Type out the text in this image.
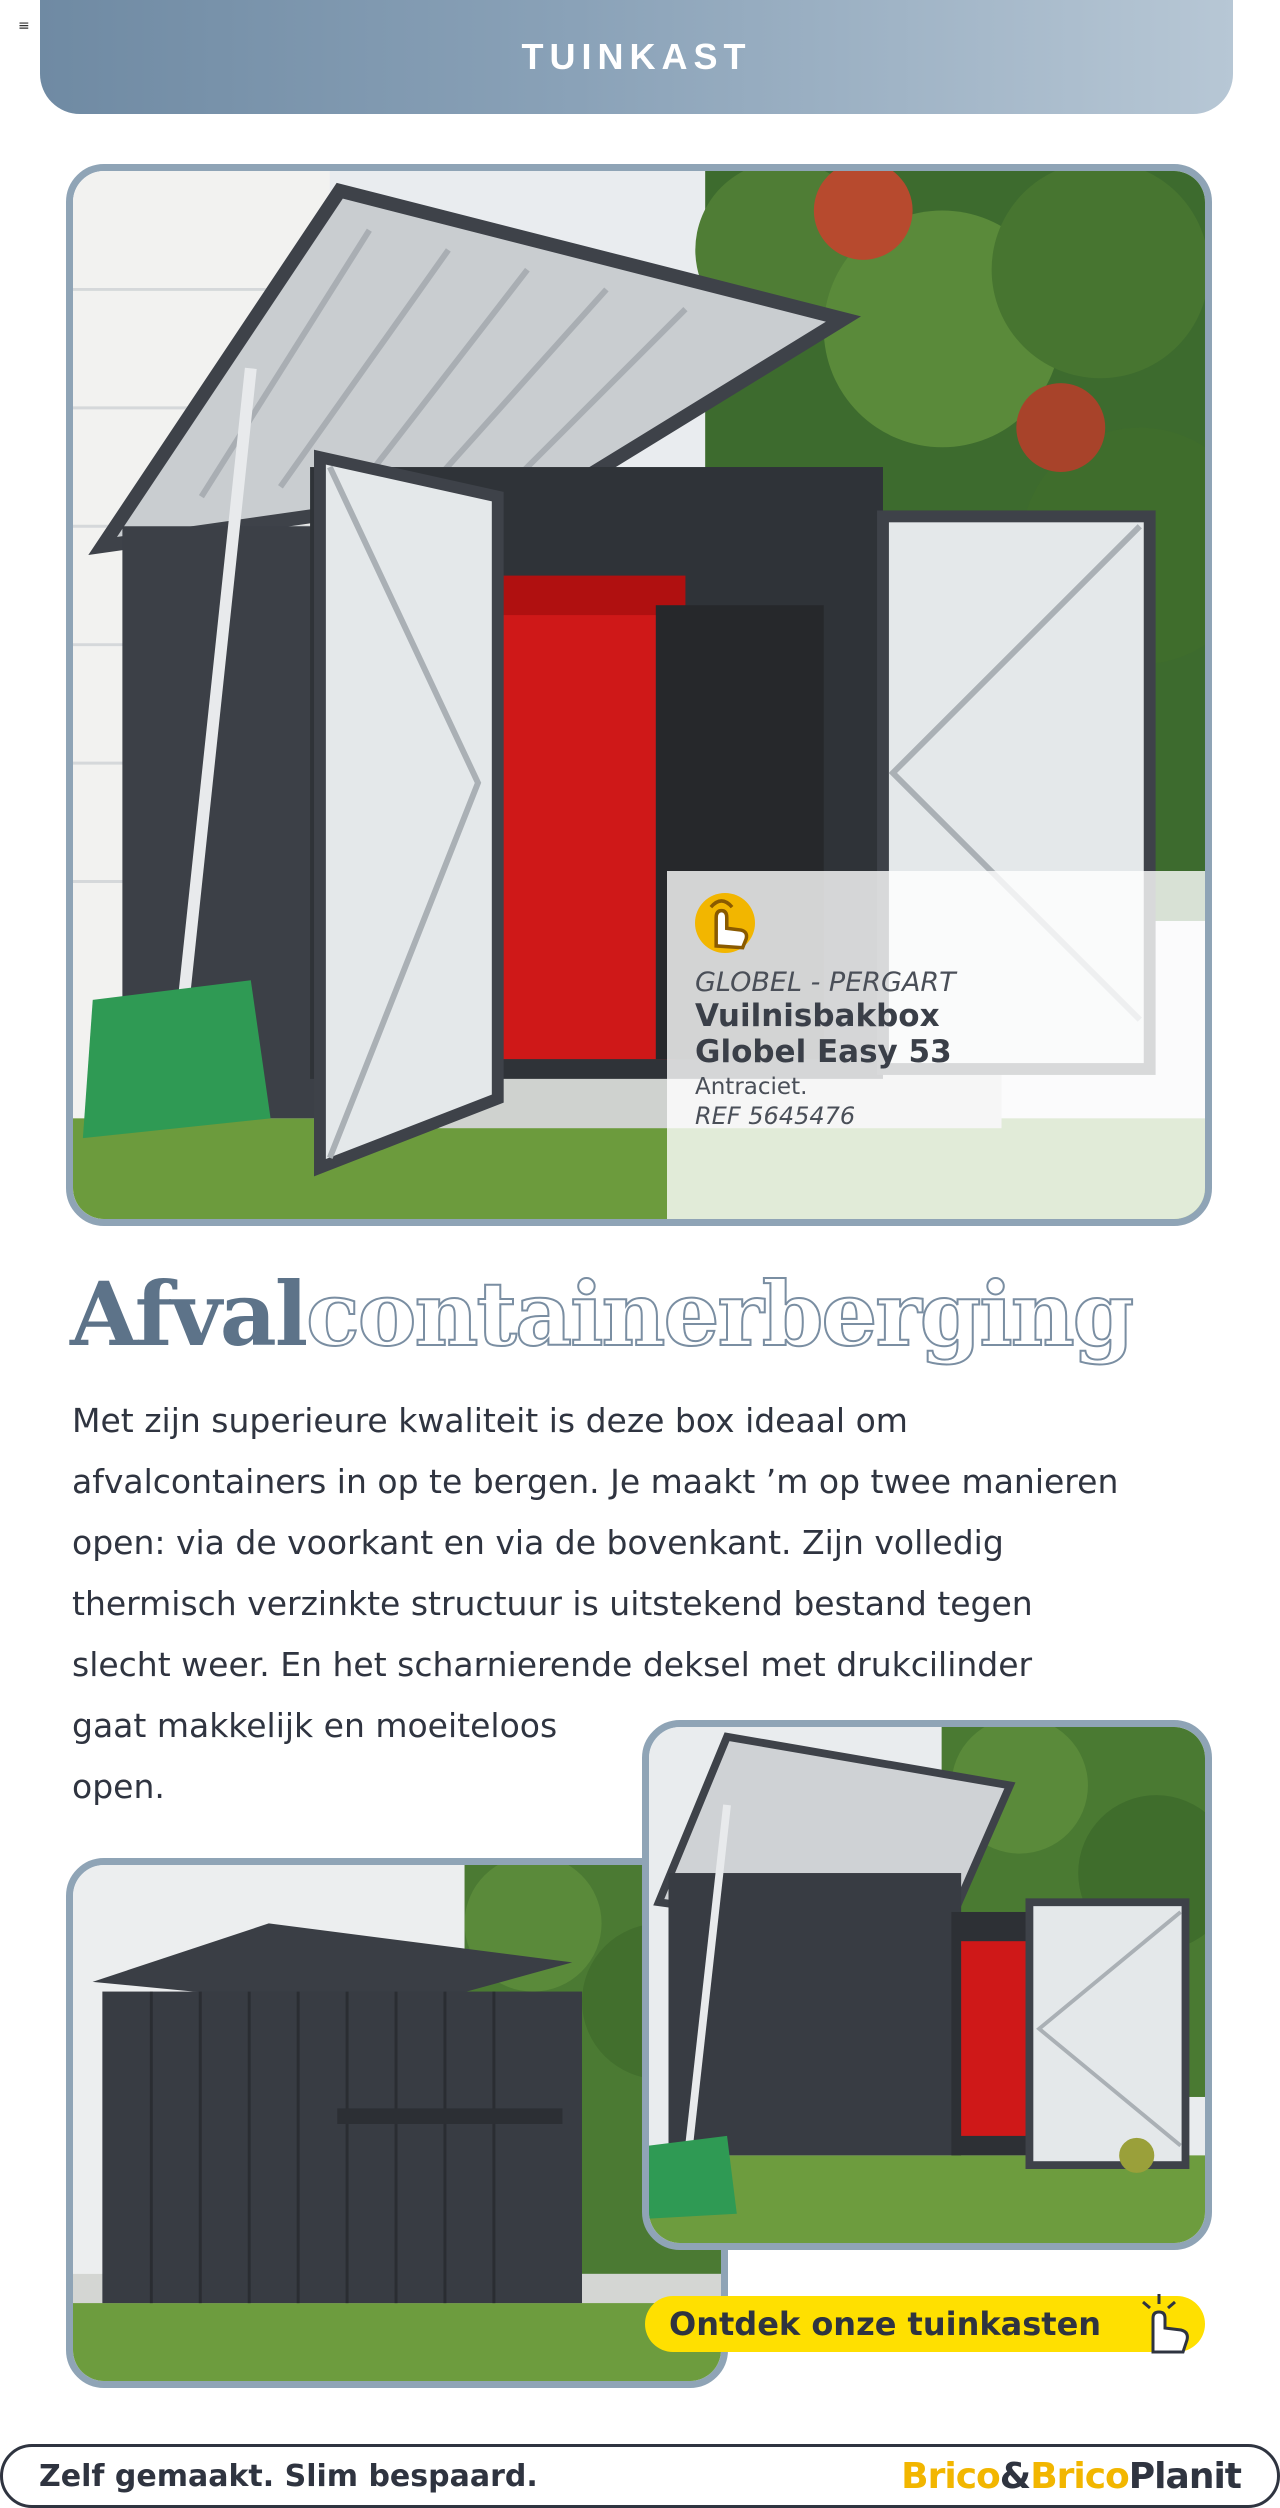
≡
TUINKAST
GLOBEL - PERGART
Vuilnisbakbox
Globel Easy 53
Antraciet.
REF 5645476
Afvalcontainerberging
Met zijn superieure kwaliteit is deze box ideaal om
afvalcontainers in op te bergen. Je maakt ’m op twee manieren
open: via de voorkant en via de bovenkant. Zijn volledig
thermisch verzinkte structuur is uitstekend bestand tegen
slecht weer. En het scharnierende deksel met drukcilinder
gaat makkelijk en moeiteloos
open.
Ontdek onze tuinkasten
Zelf gemaakt. Slim bespaard.	Brico&BricoPlanit
